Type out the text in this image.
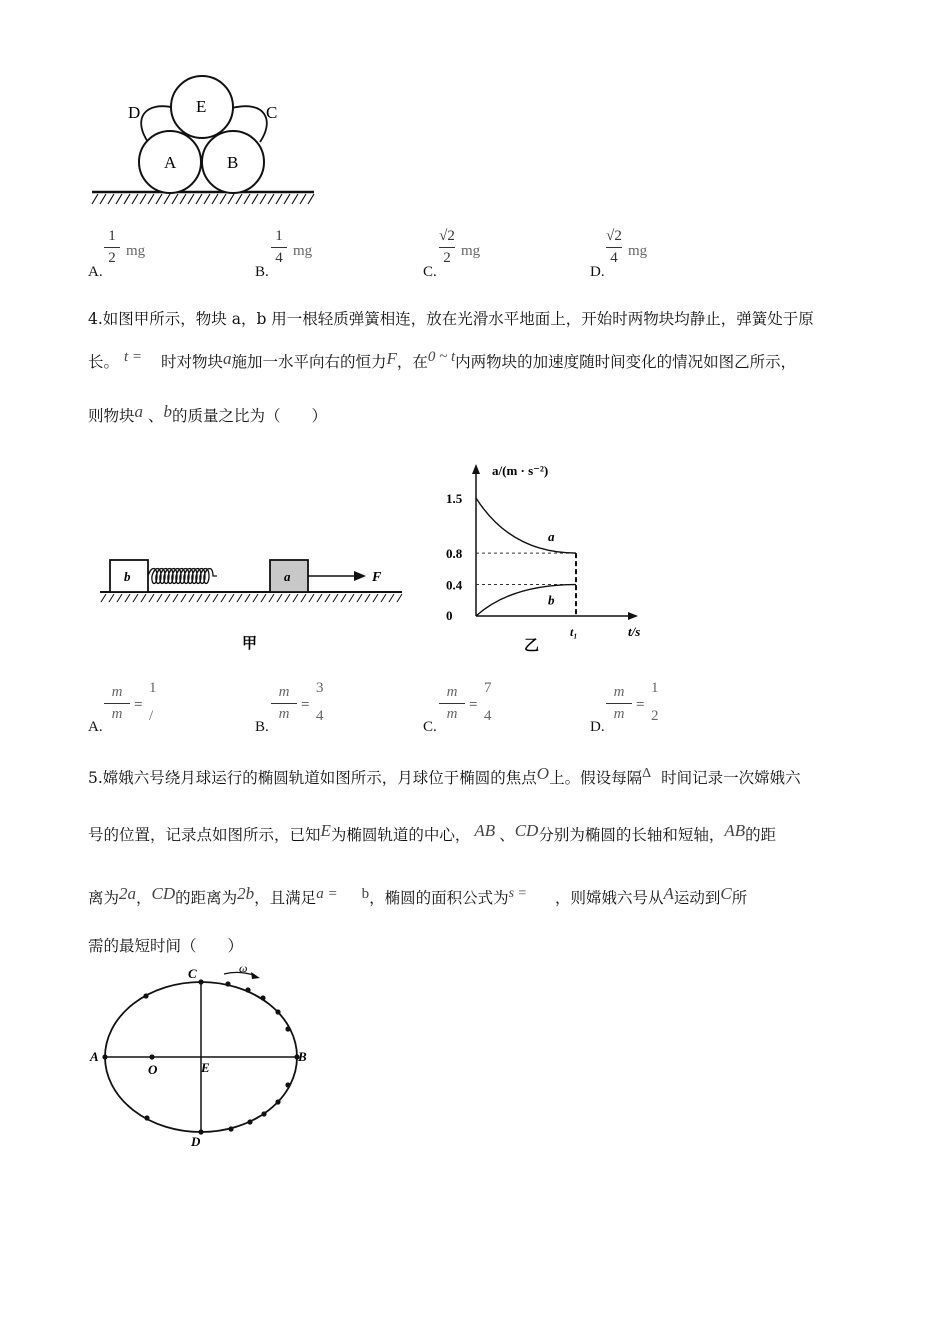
D	E	C
A	B
A.
1
2 mg
B.
1
4 mg
C.
√2
2 mg
D.
√2
4 mg
4.如图甲所示，物块 a，b 用一根轻质弹簧相连，放在光滑水平地面上，开始时两物块均静止，弹簧处于原
长。 t = 时对物块a施加一水平向右的恒力F，在0 ~ t内两物块的加速度随时间变化的情况如图乙所示，
则物块a 、b的质量之比为（　　）
b	a	F
甲
a/(m · s⁻²)
t/s
1.5
0.8
0.4
0
t₁
a
b
乙
A.
m
m
=
1
/
B.
m
m
=
3
4
C.
m
m
=
7
4
D.
m
m
=
1
2
5.嫦娥六号绕月球运行的椭圆轨道如图所示，月球位于椭圆的焦点O上。假设每隔Δ 时间记录一次嫦娥六
号的位置，记录点如图所示，已知E为椭圆轨道的中心， AB 、CD分别为椭圆的长轴和短轴，AB的距
离为2a，CD的距离为2b，且满足a = b，椭圆的面积公式为s = ，则嫦娥六号从A运动到C所
需的最短时间（　　）
ω
A	B
C
D
O	E
